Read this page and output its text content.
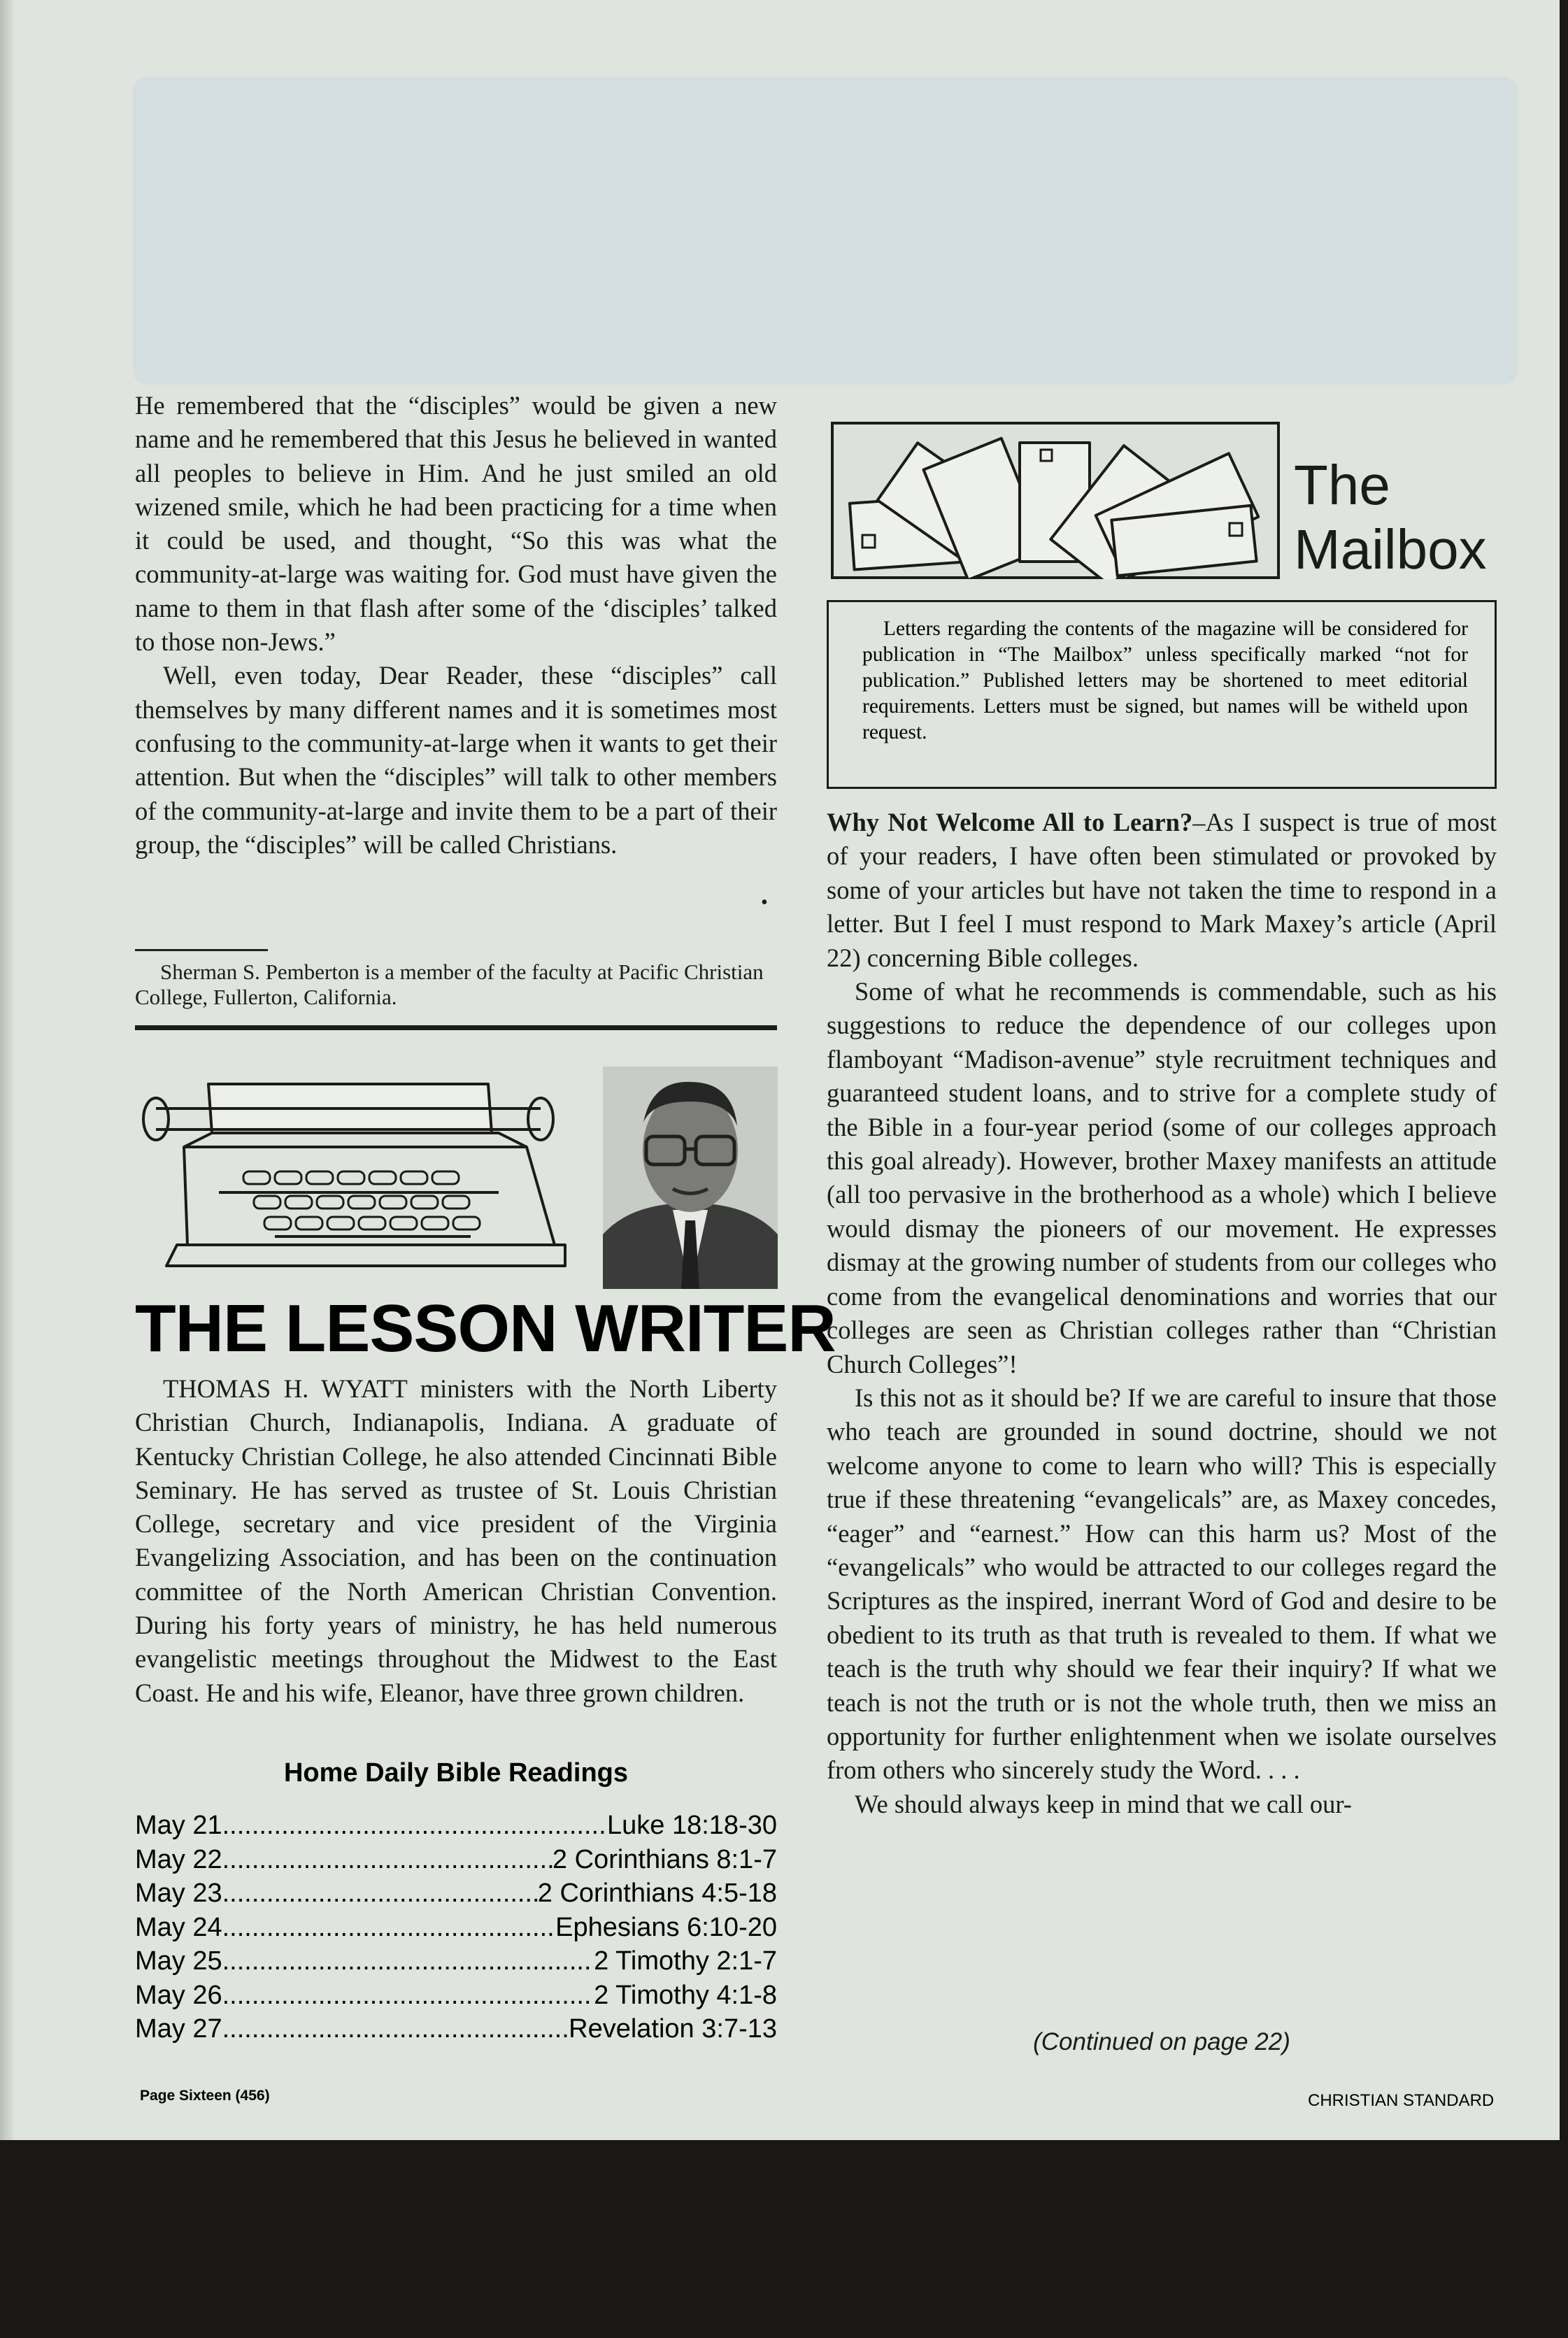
He remembered that the “disciples” would be given a new name and he remembered that this Jesus he believed in wanted all peoples to believe in Him. And he just smiled an old wizened smile, which he had been practicing for a time when it could be used, and thought, “So this was what the community-at-large was waiting for. God must have given the name to them in that flash after some of the ‘disciples’ talked to those non-Jews.”

Well, even today, Dear Reader, these “disciples” call themselves by many different names and it is sometimes most confusing to the community-at-large when it wants to get their attention. But when the “disciples” will talk to other members of the community-at-large and invite them to be a part of their group, the “disciples” will be called Christians.

•

Sherman S. Pemberton is a member of the faculty at Pacific Christian College, Fullerton, California.

THE LESSON WRITER

THOMAS H. WYATT ministers with the North Liberty Christian Church, Indianapolis, Indiana. A graduate of Kentucky Christian College, he also attended Cincinnati Bible Seminary. He has served as trustee of St. Louis Christian College, secretary and vice president of the Virginia Evangelizing Association, and has been on the continuation committee of the North American Christian Convention. During his forty years of ministry, he has held numerous evangelistic meetings throughout the Midwest to the East Coast. He and his wife, Eleanor, have three grown children.

Home Daily Bible Readings
May 21 .....	Luke 18:18-30
May 22 .....	2 Corinthians 8:1-7
May 23 .....	2 Corinthians 4:5-18
May 24 .....	Ephesians 6:10-20
May 25 .....	2 Timothy 2:1-7
May 26 .....	2 Timothy 4:1-8
May 27 .....	Revelation 3:7-13
The
Mailbox
Letters regarding the contents of the magazine will be considered for publication in “The Mailbox” unless specifically marked “not for publication.” Published letters may be shortened to meet editorial requirements. Letters must be signed, but names will be witheld upon request.

Why Not Welcome All to Learn?–As I suspect is true of most of your readers, I have often been stimulated or provoked by some of your articles but have not taken the time to respond in a letter. But I feel I must respond to Mark Maxey’s article (April 22) concerning Bible colleges.

Some of what he recommends is commendable, such as his suggestions to reduce the dependence of our colleges upon flamboyant “Madison-avenue” style recruitment techniques and guaranteed student loans, and to strive for a complete study of the Bible in a four-year period (some of our colleges approach this goal already). However, brother Maxey manifests an attitude (all too pervasive in the brotherhood as a whole) which I believe would dismay the pioneers of our movement. He expresses dismay at the growing number of students from our colleges who come from the evangelical denominations and worries that our colleges are seen as Christian colleges rather than “Christian Church Colleges”!

Is this not as it should be? If we are careful to insure that those who teach are grounded in sound doctrine, should we not welcome anyone to come to learn who will? This is especially true if these threatening “evangelicals” are, as Maxey concedes, “eager” and “earnest.” How can this harm us? Most of the “evangelicals” who would be attracted to our colleges regard the Scriptures as the inspired, inerrant Word of God and desire to be obedient to its truth as that truth is revealed to them. If what we teach is the truth why should we fear their inquiry? If what we teach is not the truth or is not the whole truth, then we miss an opportunity for further enlightenment when we isolate ourselves from others who sincerely study the Word. . . .

We should always keep in mind that we call our-

(Continued on page 22)
Page Sixteen (456)	CHRISTIAN STANDARD
